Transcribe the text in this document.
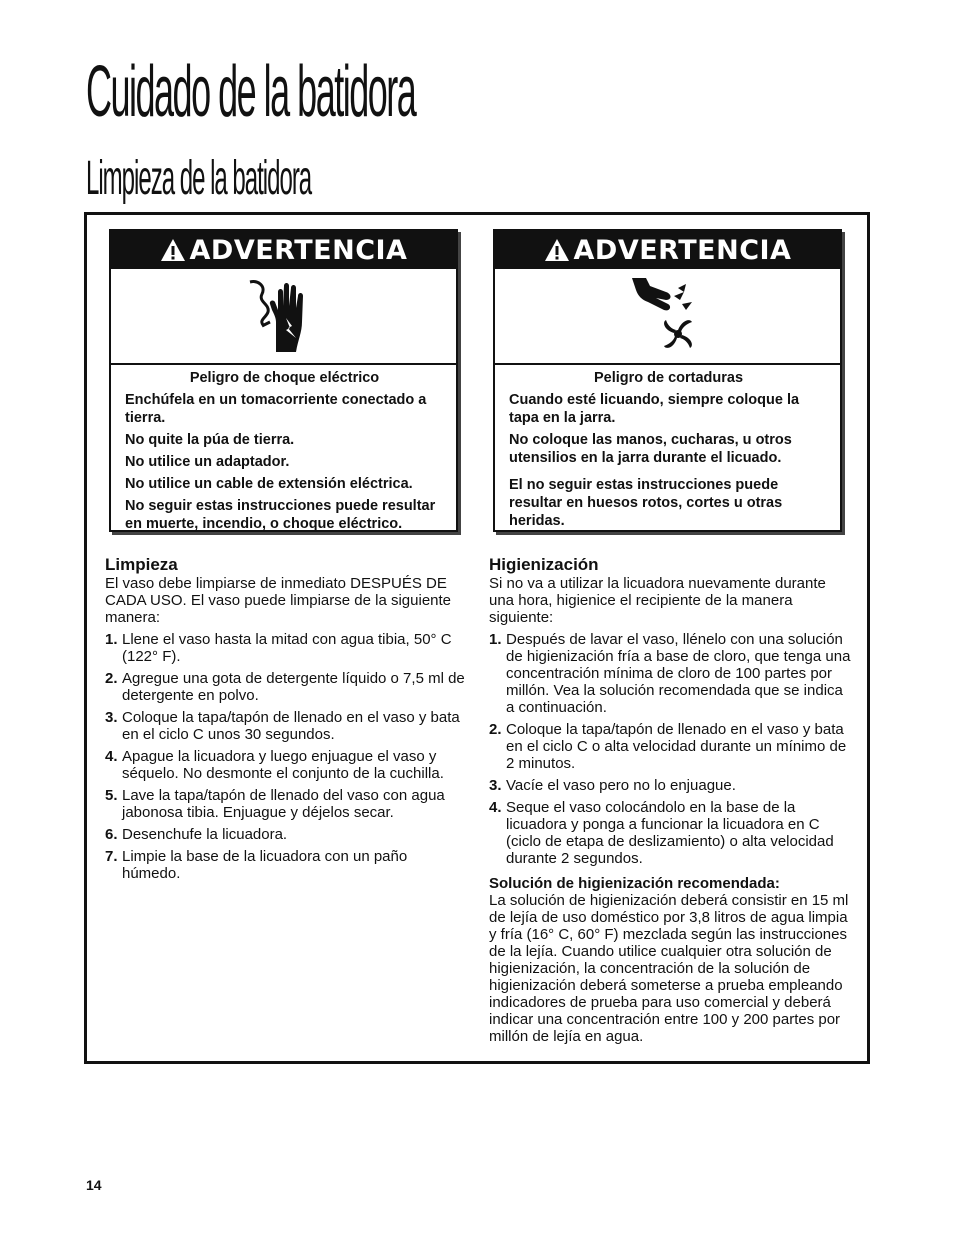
Cuidado de la batidora
Limpieza de la batidora
ADVERTENCIA
Peligro de choque eléctrico

Enchúfela en un tomacorriente conectado a tierra.

No quite la púa de tierra.

No utilice un adaptador.

No utilice un cable de extensión eléctrica.

No seguir estas instrucciones puede resultar en muerte, incendio, o choque eléctrico.

ADVERTENCIA
Peligro de cortaduras

Cuando esté licuando, siempre coloque la tapa en la jarra.

No coloque las manos, cucharas, u otros utensilios en la jarra durante el licuado.

El no seguir estas instrucciones puede resultar en huesos rotos, cortes u otras heridas.

Limpieza

El vaso debe limpiarse de inmediato DESPUÉS DE CADA USO. El vaso puede limpiarse de la siguiente manera:

1. Llene el vaso hasta la mitad con agua tibia, 50° C (122° F).
2. Agregue una gota de detergente líquido o 7,5 ml de detergente en polvo.
3. Coloque la tapa/tapón de llenado en el vaso y bata en el ciclo C unos 30 segundos.
4. Apague la licuadora y luego enjuague el vaso y séquelo. No desmonte el conjunto de la cuchilla.
5. Lave la tapa/tapón de llenado del vaso con agua jabonosa tibia. Enjuague y déjelos secar.
6. Desenchufe la licuadora.
7. Limpie la base de la licuadora con un paño húmedo.

Higienización

Si no va a utilizar la licuadora nuevamente durante una hora, higienice el recipiente de la manera siguiente:

1. Después de lavar el vaso, llénelo con una solución de higienización fría a base de cloro, que tenga una concentración mínima de cloro de 100 partes por millón. Vea la solución recomendada que se indica a continuación.
2. Coloque la tapa/tapón de llenado en el vaso y bata en el ciclo C o alta velocidad durante un mínimo de 2 minutos.
3. Vacíe el vaso pero no lo enjuague.
4. Seque el vaso colocándolo en la base de la licuadora y ponga a funcionar la licuadora en C (ciclo de etapa de deslizamiento) o alta velocidad durante 2 segundos.

Solución de higienización recomendada:

La solución de higienización deberá consistir en 15 ml de lejía de uso doméstico por 3,8 litros de agua limpia y fría (16° C, 60° F) mezclada según las instrucciones de la lejía. Cuando utilice cualquier otra solución de higienización, la concentración de la solución de higienización deberá someterse a prueba empleando indicadores de prueba para uso comercial y deberá indicar una concentración entre 100 y 200 partes por millón de lejía en agua.

14
